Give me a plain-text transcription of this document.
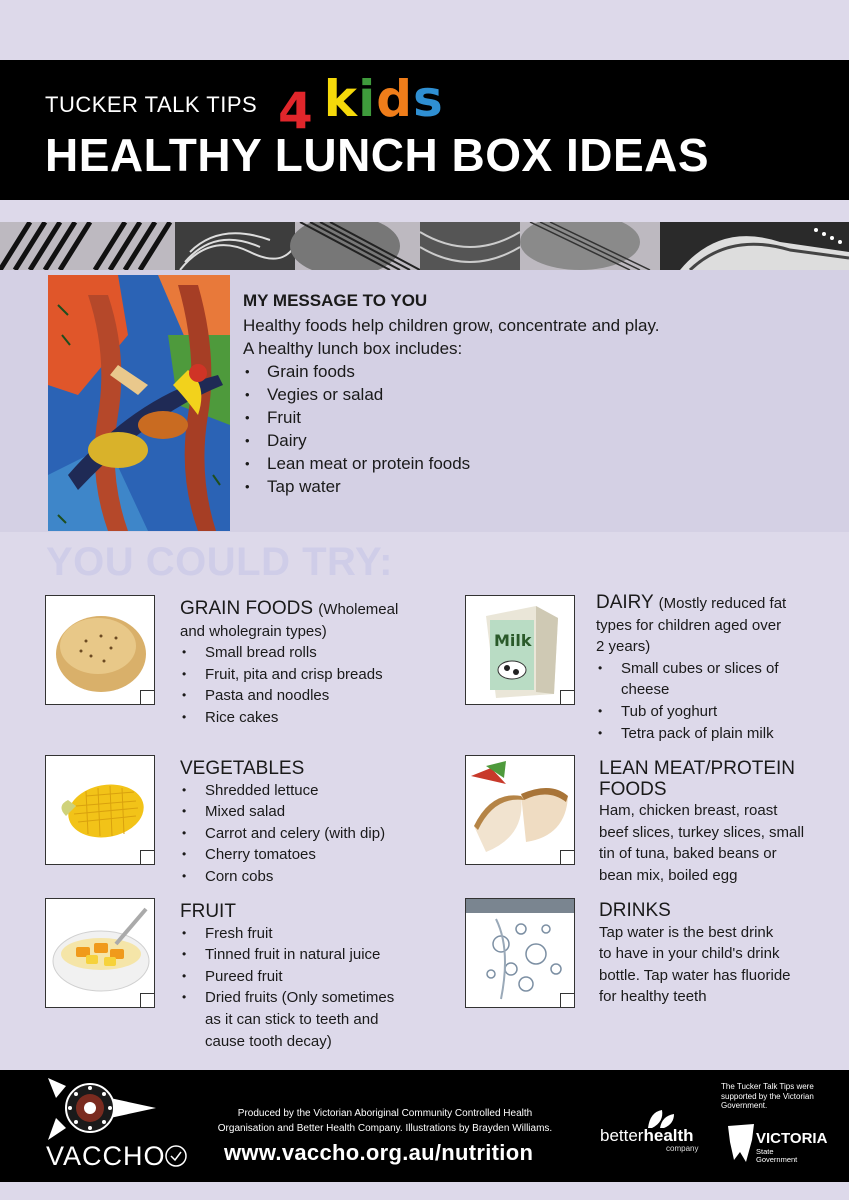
TUCKER TALK TIPS 4 kids
HEALTHY LUNCH BOX IDEAS
MY MESSAGE TO YOU
Healthy foods help children grow, concentrate and play.
A healthy lunch box includes:
• Grain foods
• Vegies or salad
• Fruit
• Dairy
• Lean meat or protein foods
• Tap water
YOU COULD TRY:
Milk
GRAIN FOODS (Wholemeal
and wholegrain types)
• Small bread rolls
• Fruit, pita and crisp breads
• Pasta and noodles
• Rice cakes
VEGETABLES
• Shredded lettuce
• Mixed salad
• Carrot and celery (with dip)
• Cherry tomatoes
• Corn cobs
FRUIT
• Fresh fruit
• Tinned fruit in natural juice
• Pureed fruit
• Dried fruits (Only sometimes
as it can stick to teeth and
cause tooth decay)
DAIRY (Mostly reduced fat
types for children aged over
2 years)
• Small cubes or slices of
cheese
• Tub of yoghurt
• Tetra pack of plain milk
LEAN MEAT/PROTEIN
FOODS
Ham, chicken breast, roast
beef slices, turkey slices, small
tin of tuna, baked beans or
bean mix, boiled egg
DRINKS
Tap water is the best drink
to have in your child's drink
bottle. Tap water has fluoride
for healthy teeth
VACCHO
Produced by the Victorian Aboriginal Community Controlled Health
Organisation and Better Health Company. Illustrations by Brayden Williams.
www.vaccho.org.au/nutrition
betterhealth
company
The Tucker Talk Tips were supported by the Victorian Government.
VICTORIA
State
Government
